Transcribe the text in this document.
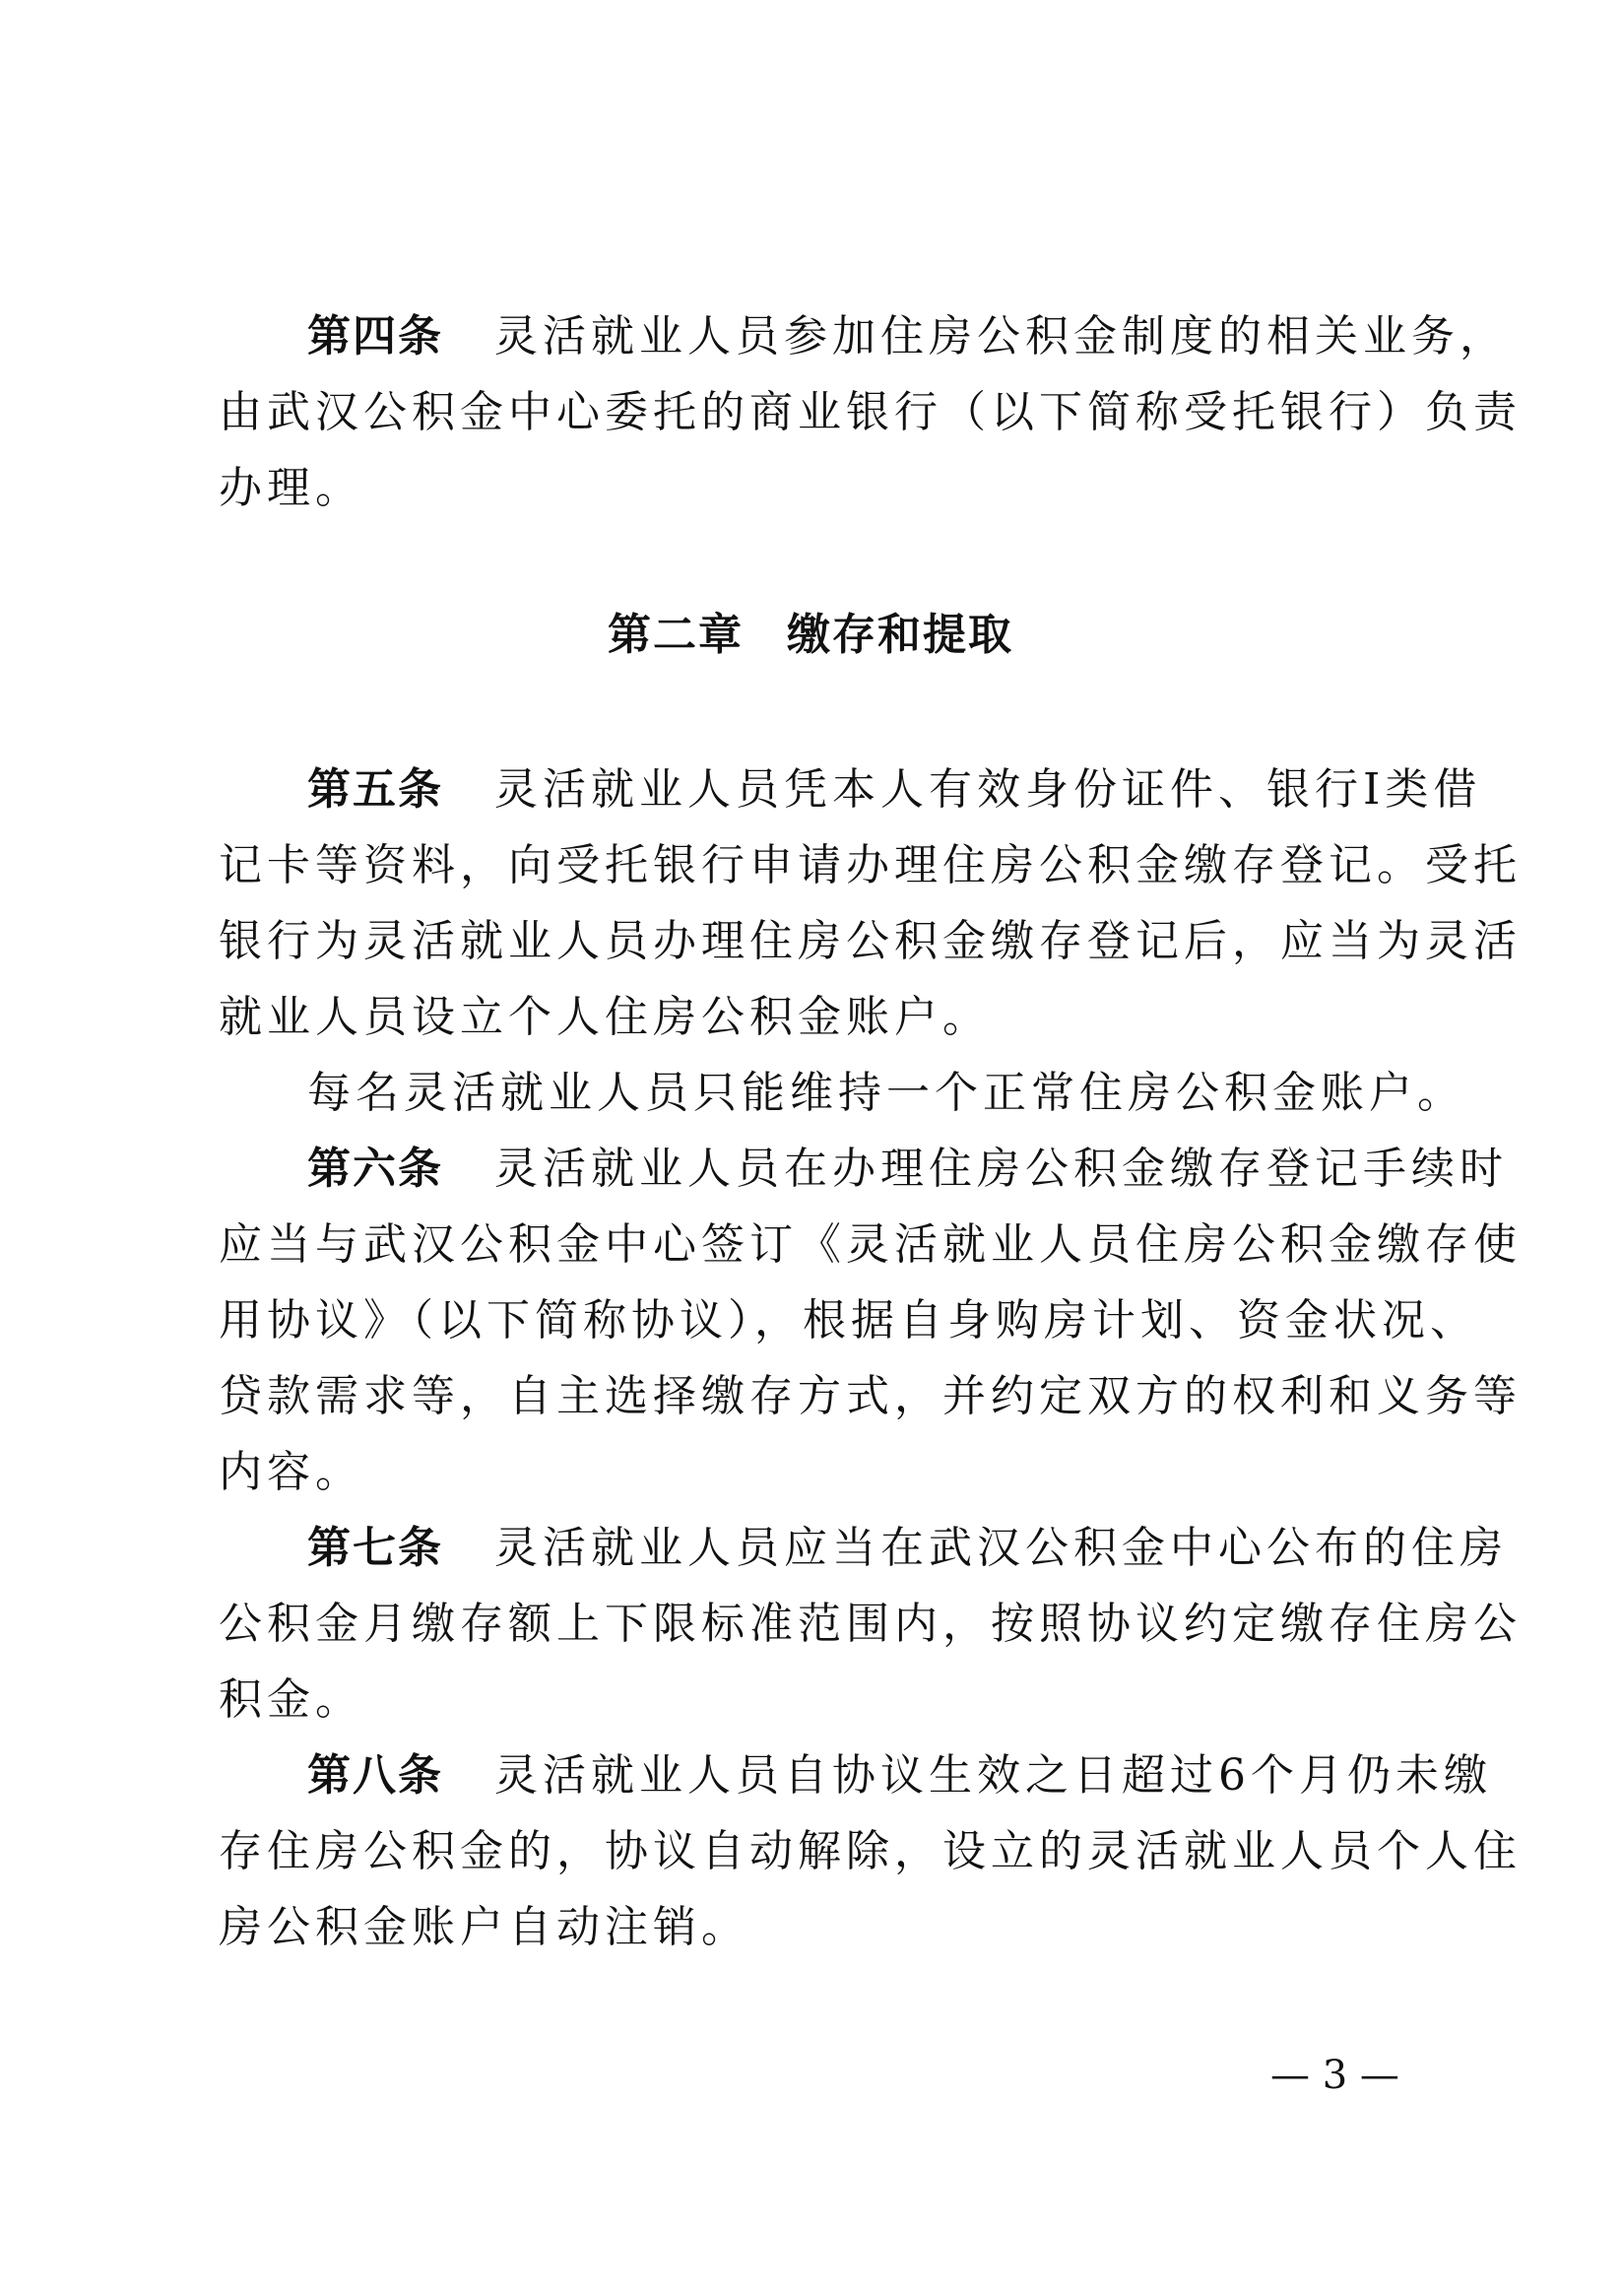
第四条 灵活就业人员参加住房公积金制度的相关业务，
由武汉公积金中心委托的商业银行（以下简称受托银行）负责
办理。
第二章 缴存和提取
第五条 灵活就业人员凭本人有效身份证件、银行Ⅰ类借
记卡等资料，向受托银行申请办理住房公积金缴存登记。受托
银行为灵活就业人员办理住房公积金缴存登记后，应当为灵活
就业人员设立个人住房公积金账户。
每名灵活就业人员只能维持一个正常住房公积金账户。
第六条 灵活就业人员在办理住房公积金缴存登记手续时
应当与武汉公积金中心签订《灵活就业人员住房公积金缴存使
用协议》（以下简称协议），根据自身购房计划、资金状况、
贷款需求等，自主选择缴存方式，并约定双方的权利和义务等
内容。
第七条 灵活就业人员应当在武汉公积金中心公布的住房
公积金月缴存额上下限标准范围内，按照协议约定缴存住房公
积金。
第八条 灵活就业人员自协议生效之日超过6个月仍未缴
存住房公积金的，协议自动解除，设立的灵活就业人员个人住
房公积金账户自动注销。
— 3 —
